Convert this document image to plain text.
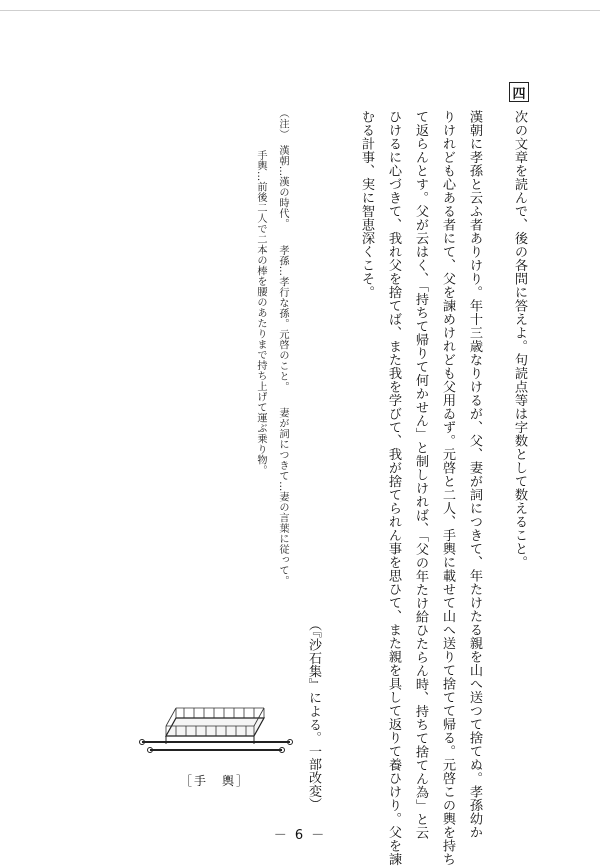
四
次の文章を読んで、後の各問に答えよ。句読点等は字数として数えること。
漢朝に孝孫と云ふ者ありけり。年十三歳なりけるが、父、妻が詞につきて、年たけたる親を山へ送つて捨てぬ。孝孫幼か
りけれども心ある者にて、父を諫めけれども父用ゐず。元啓と二人、手輿に載せて山へ送りて捨てて帰る。元啓この輿を持ち
て返らんとす。父が云はく、「持ちて帰りて何かせん」と制しければ、「父の年たけ給ひたらん時、持ちて捨てん為」と云
ひけるに心づきて、我れ父を捨てば、また我を学びて、我が捨てられん事を思ひて、また親を具して返りて養ひけり。父を諫
むる計事、実に智恵深くこそ。
（『沙石集』による。一部改変）
（注）　漢朝…漢の時代。　　孝孫…孝行な孫。元啓のこと。　　妻が詞につきて…妻の言葉に従って。
　　　　手輿…前後二人で二本の棒を腰のあたりまで持ち上げて運ぶ乗り物。
［手　輿］
－ 6 －
